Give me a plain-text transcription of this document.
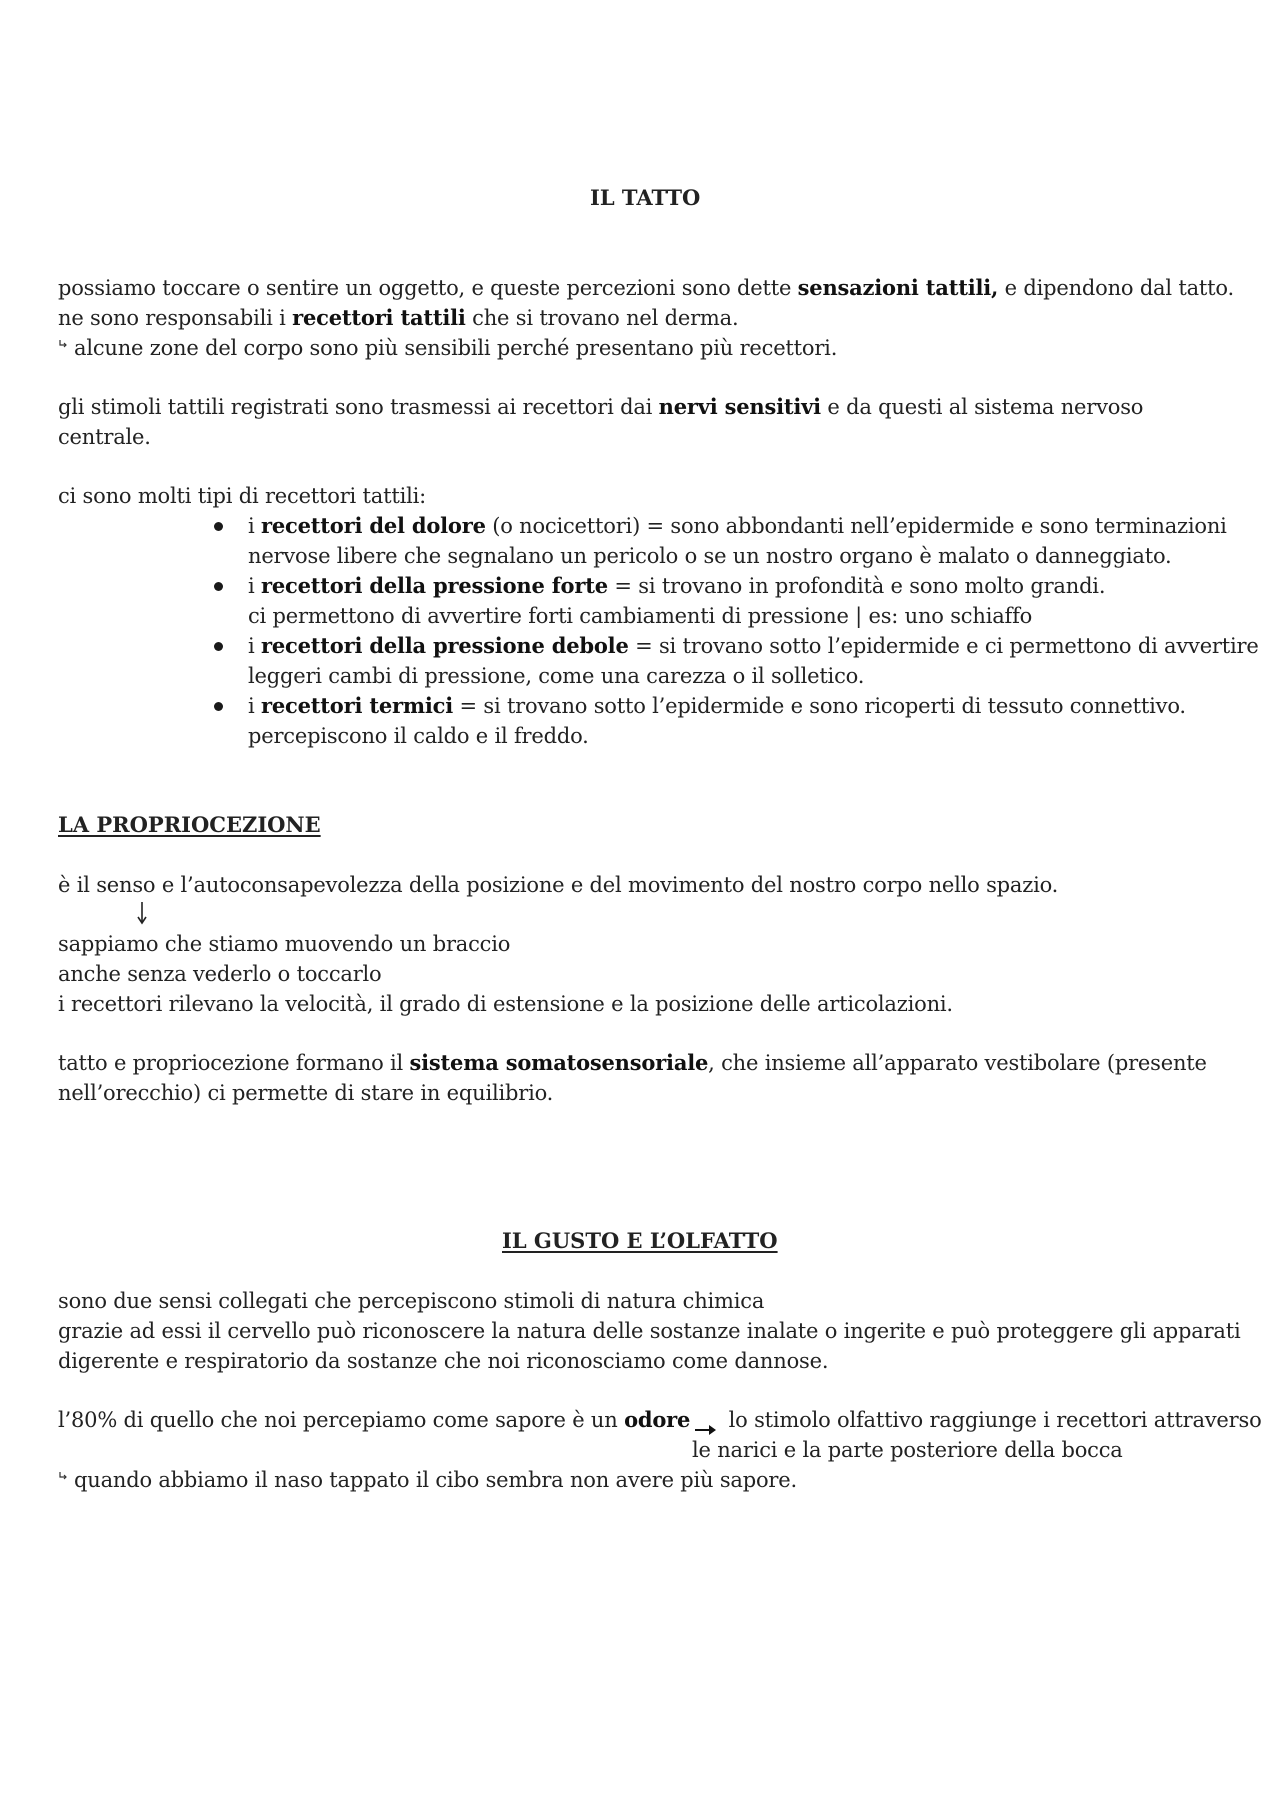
IL TATTO
possiamo toccare o sentire un oggetto, e queste percezioni sono dette sensazioni tattili, e dipendono dal tatto.
ne sono responsabili i recettori tattili che si trovano nel derma.
alcune zone del corpo sono più sensibili perché presentano più recettori.
gli stimoli tattili registrati sono trasmessi ai recettori dai nervi sensitivi e da questi al sistema nervoso
centrale.
ci sono molti tipi di recettori tattili:
i recettori del dolore (o nocicettori) = sono abbondanti nell’epidermide e sono terminazioni
nervose libere che segnalano un pericolo o se un nostro organo è malato o danneggiato.
i recettori della pressione forte = si trovano in profondità e sono molto grandi.
ci permettono di avvertire forti cambiamenti di pressione | es: uno schiaffo
i recettori della pressione debole = si trovano sotto l’epidermide e ci permettono di avvertire
leggeri cambi di pressione, come una carezza o il solletico.
i recettori termici = si trovano sotto l’epidermide e sono ricoperti di tessuto connettivo.
percepiscono il caldo e il freddo.
LA PROPRIOCEZIONE
è il senso e l’autoconsapevolezza della posizione e del movimento del nostro corpo nello spazio.
sappiamo che stiamo muovendo un braccio
anche senza vederlo o toccarlo
i recettori rilevano la velocità, il grado di estensione e la posizione delle articolazioni.
tatto e propriocezione formano il sistema somatosensoriale, che insieme all’apparato vestibolare (presente
nell’orecchio) ci permette di stare in equilibrio.
IL GUSTO E L’OLFATTO
sono due sensi collegati che percepiscono stimoli di natura chimica
grazie ad essi il cervello può riconoscere la natura delle sostanze inalate o ingerite e può proteggere gli apparati
digerente e respiratorio da sostanze che noi riconosciamo come dannose.
l’80% di quello che noi percepiamo come sapore è un odore lo stimolo olfattivo raggiunge i recettori attraverso
le narici e la parte posteriore della bocca
quando abbiamo il naso tappato il cibo sembra non avere più sapore.
